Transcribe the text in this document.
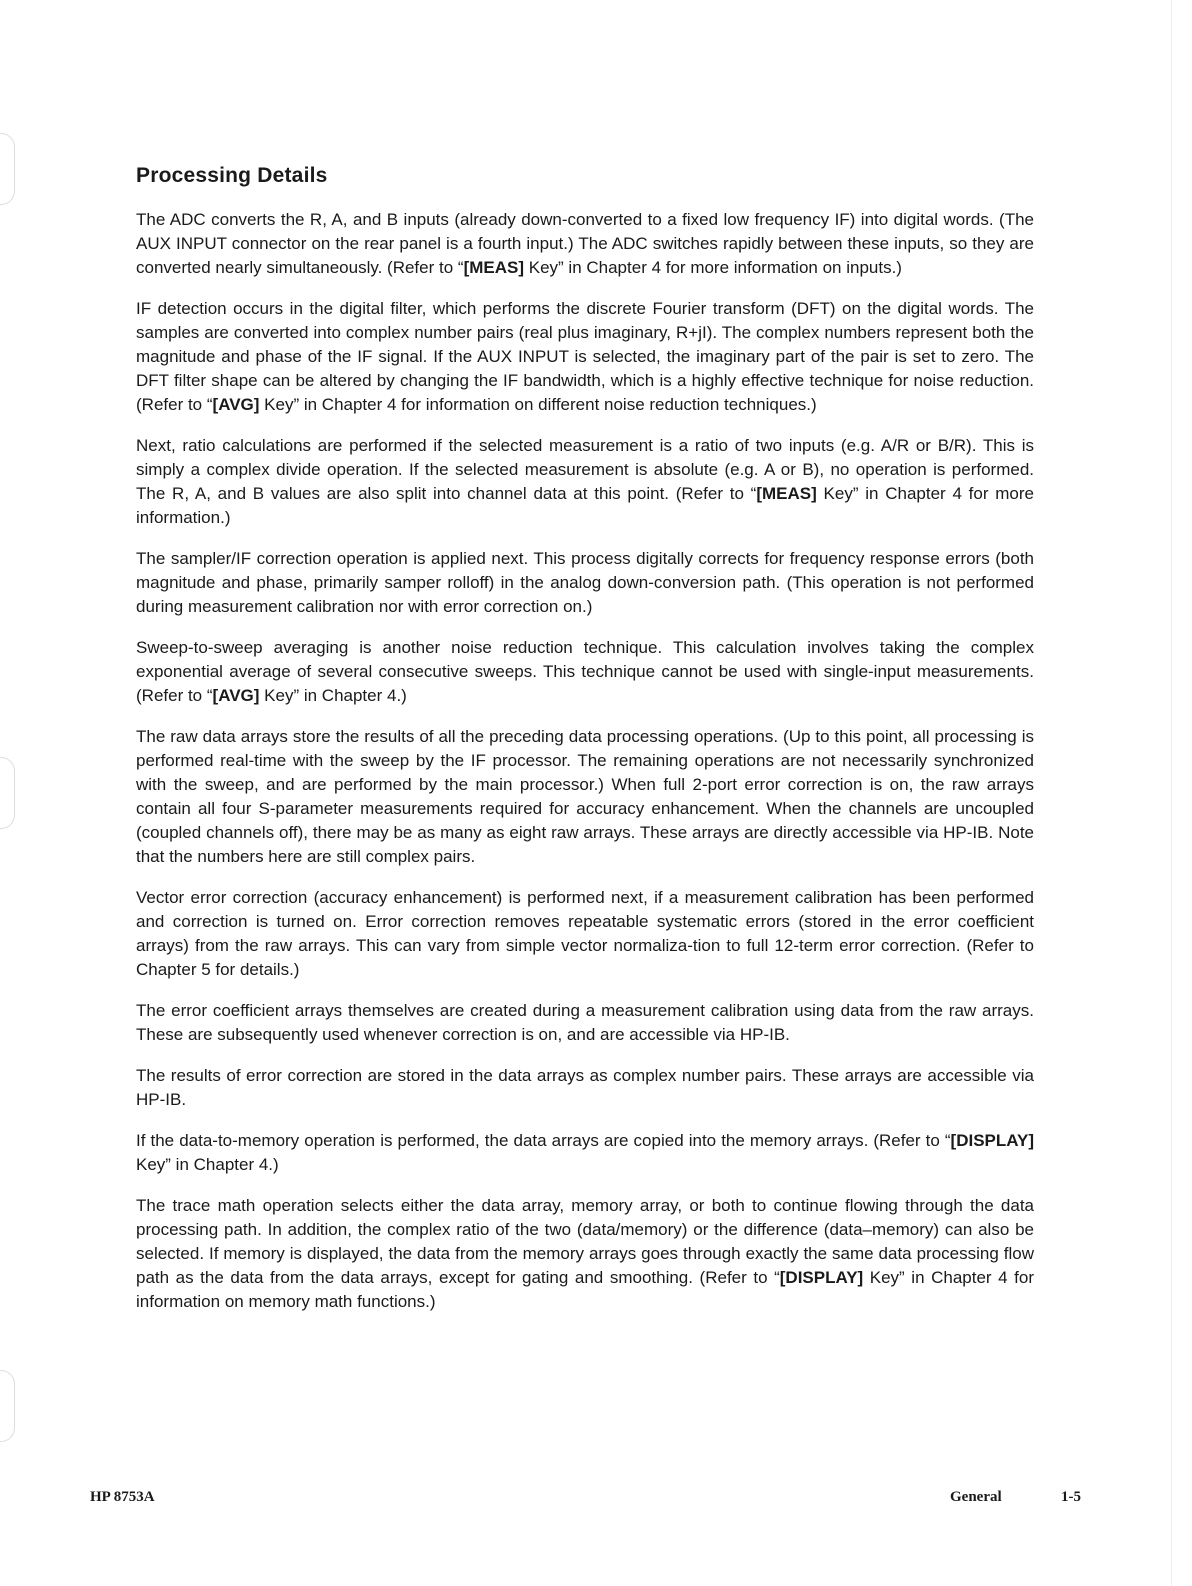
Processing Details

The ADC converts the R, A, and B inputs (already down-converted to a fixed low frequency IF) into digital words. (The AUX INPUT connector on the rear panel is a fourth input.) The ADC switches rapidly between these inputs, so they are converted nearly simultaneously. (Refer to “[MEAS] Key” in Chapter 4 for more information on inputs.)

IF detection occurs in the digital filter, which performs the discrete Fourier transform (DFT) on the digital words. The samples are converted into complex number pairs (real plus imaginary, R+jI). The complex numbers represent both the magnitude and phase of the IF signal. If the AUX INPUT is selected, the imaginary part of the pair is set to zero. The DFT filter shape can be altered by changing the IF bandwidth, which is a highly effective technique for noise reduction. (Refer to “[AVG] Key” in Chapter 4 for information on different noise reduction techniques.)

Next, ratio calculations are performed if the selected measurement is a ratio of two inputs (e.g. A/R or B/R). This is simply a complex divide operation. If the selected measurement is absolute (e.g. A or B), no operation is performed. The R, A, and B values are also split into channel data at this point. (Refer to “[MEAS] Key” in Chapter 4 for more information.)

The sampler/IF correction operation is applied next. This process digitally corrects for frequency response errors (both magnitude and phase, primarily samper rolloff) in the analog down-conversion path. (This operation is not performed during measurement calibration nor with error correction on.)

Sweep-to-sweep averaging is another noise reduction technique. This calculation involves taking the complex exponential average of several consecutive sweeps. This technique cannot be used with single-input measurements. (Refer to “[AVG] Key” in Chapter 4.)

The raw data arrays store the results of all the preceding data processing operations. (Up to this point, all processing is performed real-time with the sweep by the IF processor. The remaining operations are not necessarily synchronized with the sweep, and are performed by the main processor.) When full 2-port error correction is on, the raw arrays contain all four S-parameter measurements required for accuracy enhancement. When the channels are uncoupled (coupled channels off), there may be as many as eight raw arrays. These arrays are directly accessible via HP-IB. Note that the numbers here are still complex pairs.

Vector error correction (accuracy enhancement) is performed next, if a measurement calibration has been performed and correction is turned on. Error correction removes repeatable systematic errors (stored in the error coefficient arrays) from the raw arrays. This can vary from simple vector normaliza-tion to full 12-term error correction. (Refer to Chapter 5 for details.)

The error coefficient arrays themselves are created during a measurement calibration using data from the raw arrays. These are subsequently used whenever correction is on, and are accessible via HP-IB.

The results of error correction are stored in the data arrays as complex number pairs. These arrays are accessible via HP-IB.

If the data-to-memory operation is performed, the data arrays are copied into the memory arrays. (Refer to “[DISPLAY] Key” in Chapter 4.)

The trace math operation selects either the data array, memory array, or both to continue flowing through the data processing path. In addition, the complex ratio of the two (data/memory) or the difference (data–memory) can also be selected. If memory is displayed, the data from the memory arrays goes through exactly the same data processing flow path as the data from the data arrays, except for gating and smoothing. (Refer to “[DISPLAY] Key” in Chapter 4 for information on memory math functions.)

HP 8753A	General	1-5
